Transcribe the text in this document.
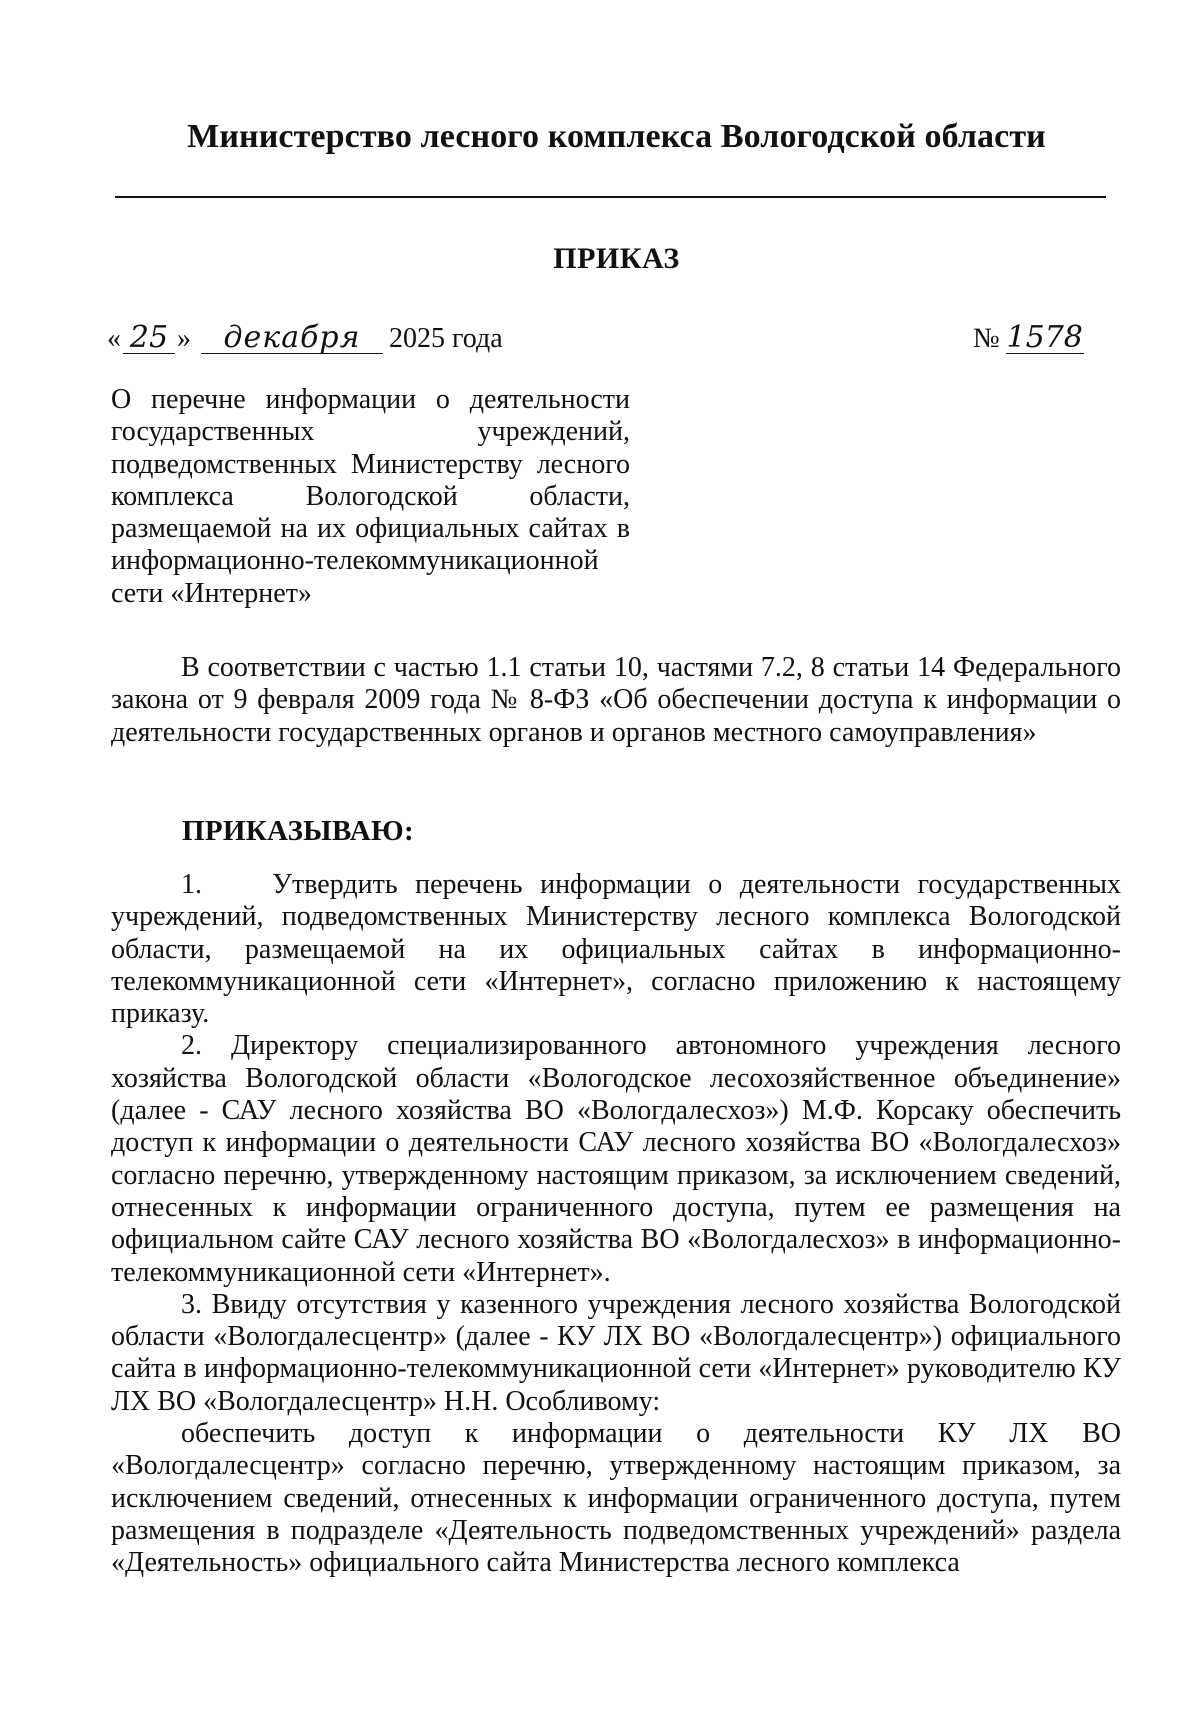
Министерство лесного комплекса Вологодской области
ПРИКАЗ
« 25 » декабря 2025 года	№ 1578
О перечне информации о деятельности государственных учреждений, подведомственных Министерству лесного комплекса Вологодской области, размещаемой на их официальных сайтах в информационно-телекоммуникационной сети «Интернет»

В соответствии с частью 1.1 статьи 10, частями 7.2, 8 статьи 14 Федерального закона от 9 февраля 2009 года № 8-ФЗ «Об обеспечении доступа к информации о деятельности государственных органов и органов местного самоуправления»

ПРИКАЗЫВАЮ:

1.    Утвердить перечень информации о деятельности государственных учреждений, подведомственных Министерству лесного комплекса Вологодской области, размещаемой на их официальных сайтах в информационно-телекоммуникационной сети «Интернет», согласно приложению к настоящему приказу.

2. Директору специализированного автономного учреждения лесного хозяйства Вологодской области «Вологодское лесохозяйственное объединение» (далее - САУ лесного хозяйства ВО «Вологдалесхоз») М.Ф. Корсаку обеспечить доступ к информации о деятельности САУ лесного хозяйства ВО «Вологдалесхоз» согласно перечню, утвержденному настоящим приказом, за исключением сведений, отнесенных к информации ограниченного доступа, путем ее размещения на официальном сайте САУ лесного хозяйства ВО «Вологдалесхоз» в информационно-телекоммуникационной сети «Интернет».

3. Ввиду отсутствия у казенного учреждения лесного хозяйства Вологодской области «Вологдалесцентр» (далее - КУ ЛХ ВО «Вологдалесцентр») официального сайта в информационно-телекоммуникационной сети «Интернет» руководителю КУ ЛХ ВО «Вологдалесцентр» Н.Н. Особливому:

обеспечить доступ к информации о деятельности КУ ЛХ ВО «Вологдалесцентр» согласно перечню, утвержденному настоящим приказом, за исключением сведений, отнесенных к информации ограниченного доступа, путем размещения в подразделе «Деятельность подведомственных учреждений» раздела «Деятельность» официального сайта Министерства лесного комплекса
